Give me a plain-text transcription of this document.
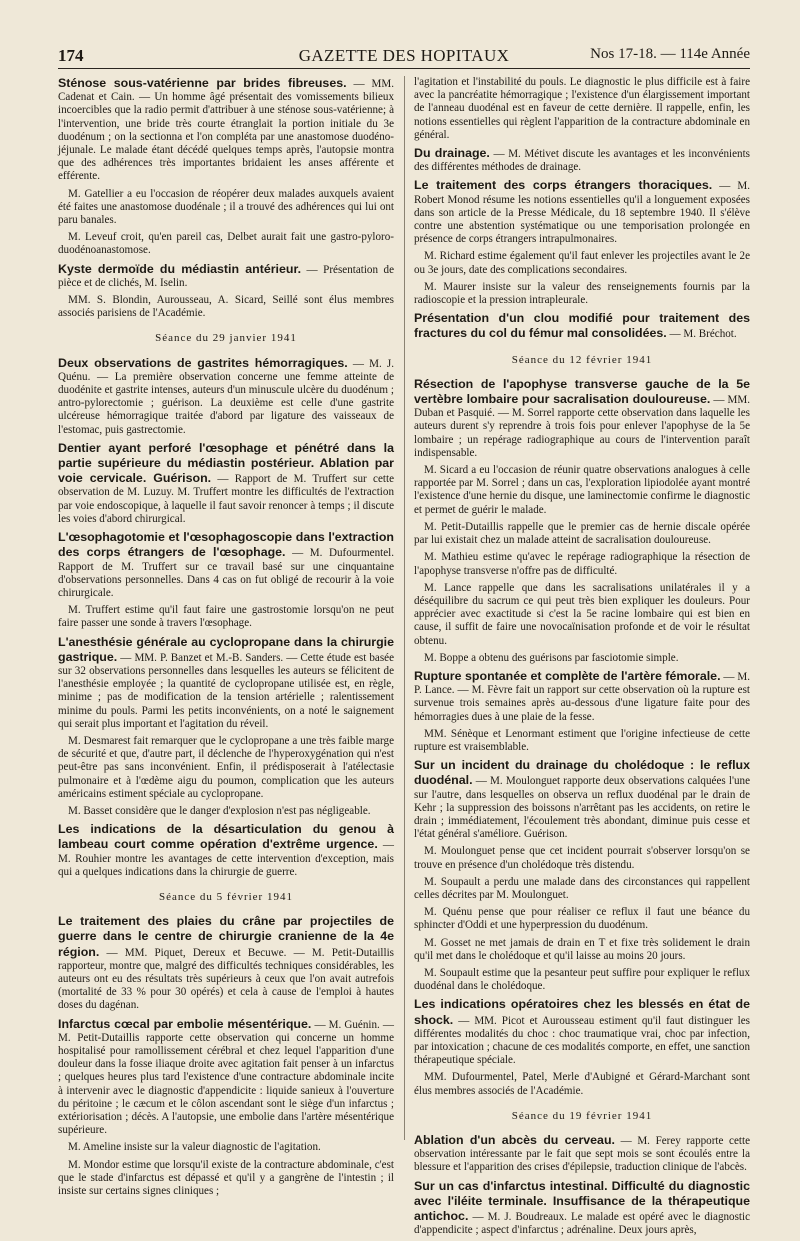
174	GAZETTE DES HOPITAUX	Nos 17-18. — 114e Année

Sténose sous-vatérienne par brides fibreuses. — MM. Cadenat et Cain. — Un homme âgé présentait des vomissements bilieux incoercibles que la radio permit d'attribuer à une sténose sous-vatérienne; à l'intervention, une bride très courte étranglait la portion initiale du 3e duodénum ; on la sectionna et l'on compléta par une anastomose duodéno-jéjunale. Le malade étant décédé quelques temps après, l'autopsie montra que des adhérences très importantes bridaient les anses afférente et efférente.

M. Gatellier a eu l'occasion de réopérer deux malades auxquels avaient été faites une anastomose duodénale ; il a trouvé des adhérences qui lui ont paru banales.

M. Leveuf croit, qu'en pareil cas, Delbet aurait fait une gastro-pyloro-duodénoanastomose.

Kyste dermoïde du médiastin antérieur. — Présentation de pièce et de clichés, M. Iselin.

MM. S. Blondin, Aurousseau, A. Sicard, Seillé sont élus membres associés parisiens de l'Académie.

Séance du 29 janvier 1941

Deux observations de gastrites hémorragiques. — M. J. Quénu. — La première observation concerne une femme atteinte de duodénite et gastrite intenses, auteurs d'un minuscule ulcère du duodénum ; antro-pylorectomie ; guérison. La deuxième est celle d'une gastrite ulcéreuse hémorragique traitée d'abord par ligature des vaisseaux de l'estomac, puis gastrectomie.

Dentier ayant perforé l'œsophage et pénétré dans la partie supérieure du médiastin postérieur. Ablation par voie cervicale. Guérison. — Rapport de M. Truffert sur cette observation de M. Luzuy. M. Truffert montre les difficultés de l'extraction par voie endoscopique, à laquelle il faut savoir renoncer à temps ; il discute les voies d'abord chirurgical.

L'œsophagotomie et l'œsophagoscopie dans l'extraction des corps étrangers de l'œsophage. — M. Dufourmentel. Rapport de M. Truffert sur ce travail basé sur une cinquantaine d'observations personnelles. Dans 4 cas on fut obligé de recourir à la voie chirurgicale.

M. Truffert estime qu'il faut faire une gastrostomie lorsqu'on ne peut faire passer une sonde à travers l'œsophage.

L'anesthésie générale au cyclopropane dans la chirurgie gastrique. — MM. P. Banzet et M.-B. Sanders. — Cette étude est basée sur 32 observations personnelles dans lesquelles les auteurs se félicitent de l'anesthésie employée ; la quantité de cyclopropane utilisée est, en règle, minime ; pas de modification de la tension artérielle ; ralentissement minime du pouls. Parmi les petits inconvénients, on a noté le saignement qui serait plus important et l'agitation du réveil.

M. Desmarest fait remarquer que le cyclopropane a une très faible marge de sécurité et que, d'autre part, il déclenche de l'hyperoxygénation qui n'est peut-être pas sans inconvénient. Enfin, il prédisposerait à l'atélectasie pulmonaire et à l'œdème aigu du poumon, complication que les auteurs américains estiment spéciale au cyclopropane.

M. Basset considère que le danger d'explosion n'est pas négligeable.

Les indications de la désarticulation du genou à lambeau court comme opération d'extrême urgence. — M. Rouhier montre les avantages de cette intervention d'exception, mais qui a quelques indications dans la chirurgie de guerre.

Séance du 5 février 1941

Le traitement des plaies du crâne par projectiles de guerre dans le centre de chirurgie cranienne de la 4e région. — MM. Piquet, Dereux et Becuwe. — M. Petit-Dutaillis rapporteur, montre que, malgré des difficultés techniques considérables, les auteurs ont eu des résultats très supérieurs à ceux que l'on avait autrefois (mortalité de 33 % pour 30 opérés) et cela à cause de l'emploi à hautes doses du dagénan.

Infarctus cœcal par embolie mésentérique. — M. Guénin. — M. Petit-Dutaillis rapporte cette observation qui concerne un homme hospitalisé pour ramollissement cérébral et chez lequel l'apparition d'une douleur dans la fosse iliaque droite avec agitation fait penser à un infarctus ; quelques heures plus tard l'existence d'une contracture abdominale incite à intervenir avec le diagnostic d'appendicite : liquide sanieux à l'ouverture du péritoine ; le cæcum et le côlon ascendant sont le siège d'un infarctus ; extériorisation ; décès. A l'autopsie, une embolie dans l'artère mésentérique supérieure.

M. Ameline insiste sur la valeur diagnostic de l'agitation.

M. Mondor estime que lorsqu'il existe de la contracture abdominale, c'est que le stade d'infarctus est dépassé et qu'il y a gangrène de l'intestin ; il insiste sur certains signes cliniques ;

l'agitation et l'instabilité du pouls. Le diagnostic le plus difficile est à faire avec la pancréatite hémorragique ; l'existence d'un élargissement important de l'anneau duodénal est en faveur de cette dernière. Il rappelle, enfin, les notions essentielles qui règlent l'apparition de la contracture abdominale en général.

Du drainage. — M. Métivet discute les avantages et les inconvénients des différentes méthodes de drainage.

Le traitement des corps étrangers thoraciques. — M. Robert Monod résume les notions essentielles qu'il a longuement exposées dans son article de la Presse Médicale, du 18 septembre 1940. Il s'élève contre une abstention systématique ou une temporisation prolongée en présence de corps étrangers intrapulmonaires.

M. Richard estime également qu'il faut enlever les projectiles avant le 2e ou 3e jours, date des complications secondaires.

M. Maurer insiste sur la valeur des renseignements fournis par la radioscopie et la pression intrapleurale.

Présentation d'un clou modifié pour traitement des fractures du col du fémur mal consolidées. — M. Bréchot.

Séance du 12 février 1941

Résection de l'apophyse transverse gauche de la 5e vertèbre lombaire pour sacralisation douloureuse. — MM. Duban et Pasquié. — M. Sorrel rapporte cette observation dans laquelle les auteurs durent s'y reprendre à trois fois pour enlever l'apophyse de la 5e lombaire ; un repérage radiographique au cours de l'intervention paraît indispensable.

M. Sicard a eu l'occasion de réunir quatre observations analogues à celle rapportée par M. Sorrel ; dans un cas, l'exploration lipiodolée ayant montré l'existence d'une hernie du disque, une laminectomie confirme le diagnostic et permet de guérir le malade.

M. Petit-Dutaillis rappelle que le premier cas de hernie discale opérée par lui existait chez un malade atteint de sacralisation douloureuse.

M. Mathieu estime qu'avec le repérage radiographique la résection de l'apophyse transverse n'offre pas de difficulté.

M. Lance rappelle que dans les sacralisations unilatérales il y a déséquilibre du sacrum ce qui peut très bien expliquer les douleurs. Pour apprécier avec exactitude si c'est la 5e racine lombaire qui est bien en cause, il suffit de faire une novocaïnisation profonde et de voir le résultat obtenu.

M. Boppe a obtenu des guérisons par fasciotomie simple.

Rupture spontanée et complète de l'artère fémorale. — M. P. Lance. — M. Fèvre fait un rapport sur cette observation où la rupture est survenue trois semaines après au-dessous d'une ligature faite pour des hémorragies dues à une plaie de la fesse.

MM. Sénèque et Lenormant estiment que l'origine infectieuse de cette rupture est vraisemblable.

Sur un incident du drainage du cholédoque : le reflux duodénal. — M. Moulonguet rapporte deux observations calquées l'une sur l'autre, dans lesquelles on observa un reflux duodénal par le drain de Kehr ; la suppression des boissons n'arrêtant pas les accidents, on retire le drain ; immédiatement, l'écoulement très abondant, diminue puis cesse et l'état général s'améliore. Guérison.

M. Moulonguet pense que cet incident pourrait s'observer lorsqu'on se trouve en présence d'un cholédoque très distendu.

M. Soupault a perdu une malade dans des circonstances qui rappellent celles décrites par M. Moulonguet.

M. Quénu pense que pour réaliser ce reflux il faut une béance du sphincter d'Oddi et une hyperpression du duodénum.

M. Gosset ne met jamais de drain en T et fixe très solidement le drain qu'il met dans le cholédoque et qu'il laisse au moins 20 jours.

M. Soupault estime que la pesanteur peut suffire pour expliquer le reflux duodénal dans le cholédoque.

Les indications opératoires chez les blessés en état de shock. — MM. Picot et Aurousseau estiment qu'il faut distinguer les différentes modalités du choc : choc traumatique vrai, choc par infection, par intoxication ; chacune de ces modalités comporte, en effet, une sanction thérapeutique spéciale.

MM. Dufourmentel, Patel, Merle d'Aubigné et Gérard-Marchant sont élus membres associés de l'Académie.

Séance du 19 février 1941

Ablation d'un abcès du cerveau. — M. Ferey rapporte cette observation intéressante par le fait que sept mois se sont écoulés entre la blessure et l'apparition des crises d'épilepsie, traduction clinique de l'abcès.

Sur un cas d'infarctus intestinal. Difficulté du diagnostic avec l'iléite terminale. Insuffisance de la thérapeutique antichoc. — M. J. Boudreaux. Le malade est opéré avec le diagnostic d'appendicite ; aspect d'infarctus ; adrénaline. Deux jours après,
